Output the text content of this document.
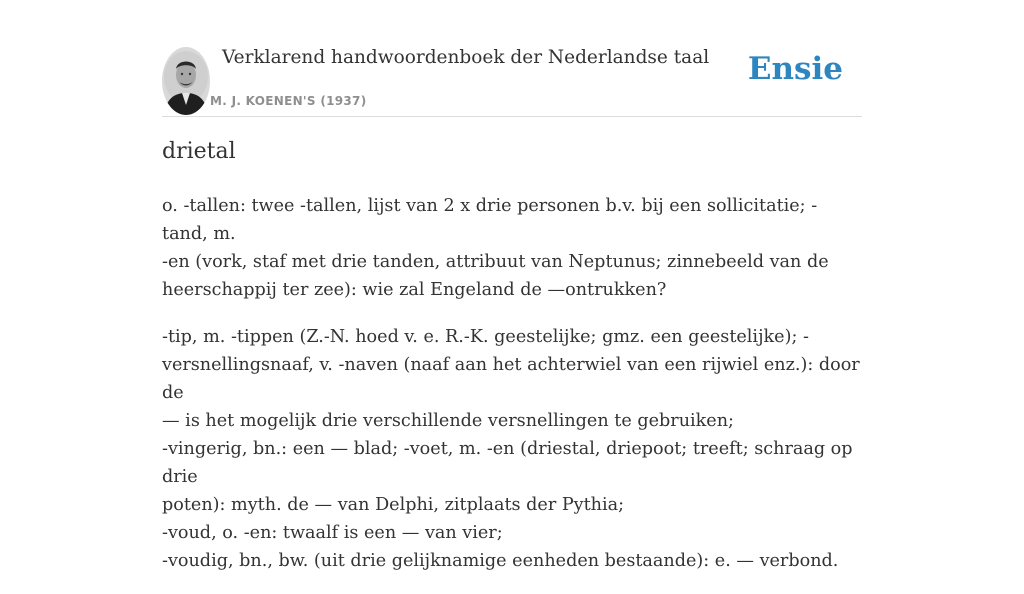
Verklarend handwoordenboek der Nederlandse taal
M. J. KOENEN'S (1937)
Ensie
drietal

o. -tallen: twee -tallen, lijst van 2 x drie personen b.v. bij een sollicitatie; -tand, m.
-en (vork, staf met drie tanden, attribuut van Neptunus; zinnebeeld van de
heerschappij ter zee): wie zal Engeland de —ontrukken?

-tip, m. -tippen (Z.-N. hoed v. e. R.-K. geestelijke; gmz. een geestelijke); -
versnellingsnaaf, v. -naven (naaf aan het achterwiel van een rijwiel enz.): door de
— is het mogelijk drie verschillende versnellingen te gebruiken;
-vingerig, bn.: een — blad; -voet, m. -en (driestal, driepoot; treeft; schraag op drie
poten): myth. de — van Delphi, zitplaats der Pythia;
-voud, o. -en: twaalf is een — van vier;
-voudig, bn., bw. (uit drie gelijknamige eenheden bestaande): e. — verbond.
